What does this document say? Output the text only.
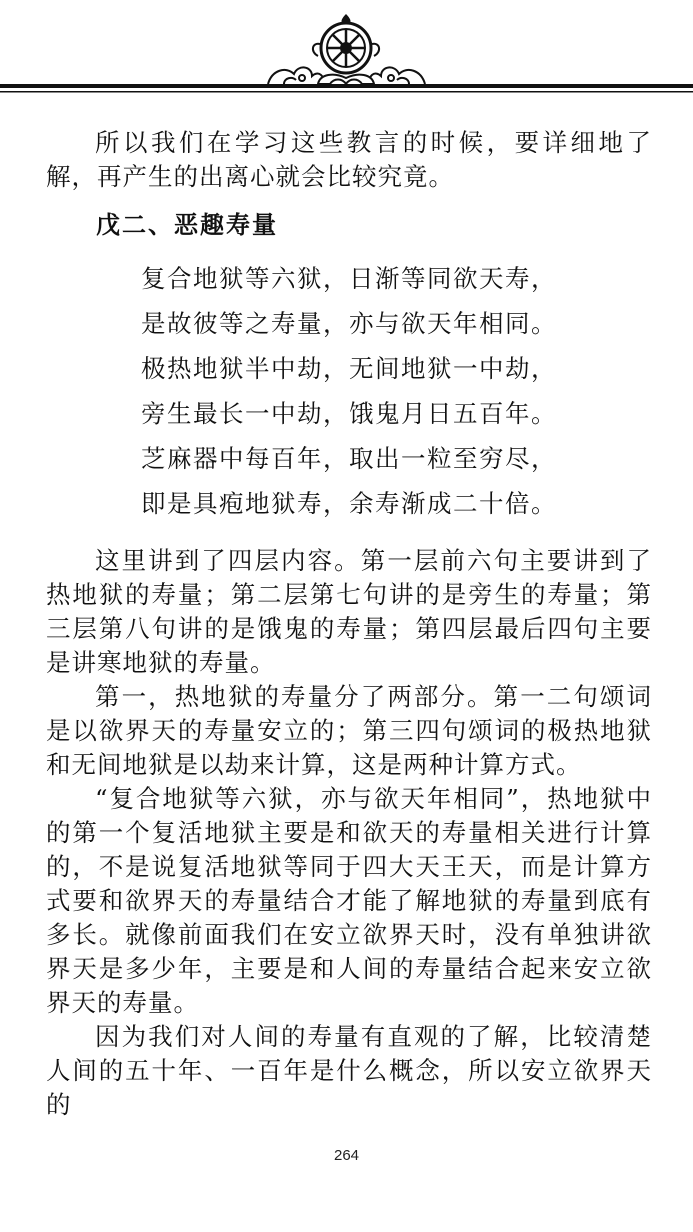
所以我们在学习这些教言的时候，要详细地了解，再产生的出离心就会比较究竟。

戊二、恶趣寿量
复合地狱等六狱，日渐等同欲天寿，
是故彼等之寿量，亦与欲天年相同。
极热地狱半中劫，无间地狱一中劫，
旁生最长一中劫，饿鬼月日五百年。
芝麻器中每百年，取出一粒至穷尽，
即是具疱地狱寿，余寿渐成二十倍。

这里讲到了四层内容。第一层前六句主要讲到了热地狱的寿量；第二层第七句讲的是旁生的寿量；第三层第八句讲的是饿鬼的寿量；第四层最后四句主要是讲寒地狱的寿量。

第一，热地狱的寿量分了两部分。第一二句颂词是以欲界天的寿量安立的；第三四句颂词的极热地狱和无间地狱是以劫来计算，这是两种计算方式。

“复合地狱等六狱，亦与欲天年相同”，热地狱中的第一个复活地狱主要是和欲天的寿量相关进行计算的，不是说复活地狱等同于四大天王天，而是计算方式要和欲界天的寿量结合才能了解地狱的寿量到底有多长。就像前面我们在安立欲界天时，没有单独讲欲界天是多少年，主要是和人间的寿量结合起来安立欲界天的寿量。

因为我们对人间的寿量有直观的了解，比较清楚人间的五十年、一百年是什么概念，所以安立欲界天的

264
